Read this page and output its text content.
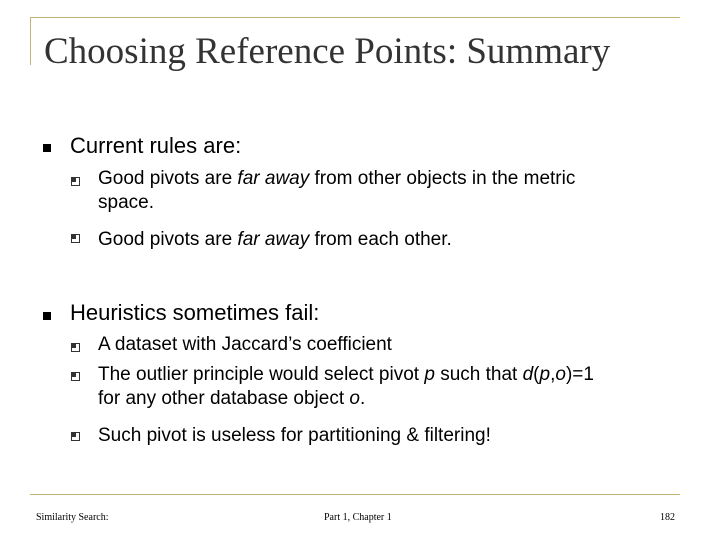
Choosing Reference Points: Summary
Current rules are:
Good pivots are far away from other objects in the metric
space.
Good pivots are far away from each other.
Heuristics sometimes fail:
A dataset with Jaccard’s coefficient
The outlier principle would select pivot p such that d(p,o)=1
for any other database object o.
Such pivot is useless for partitioning & filtering!
Similarity Search:	Part 1, Chapter 1	182
